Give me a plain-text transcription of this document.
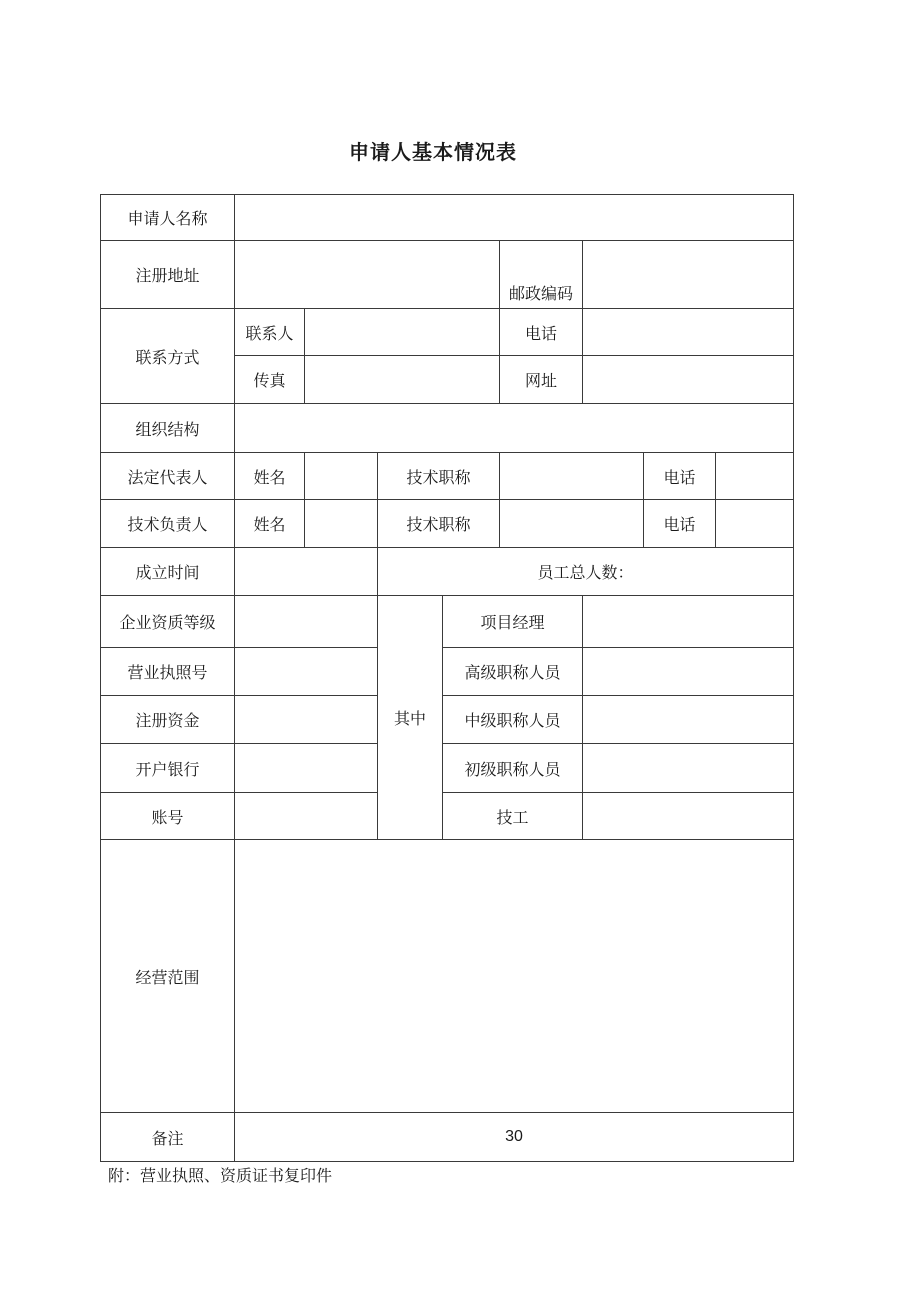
申请人基本情况表
申请人名称								
注册地址					邮政编码			
联系方式	联系人				电话			
	传真				网址			
组织结构								
法定代表人	姓名		技术职称				电话	
技术负责人	姓名		技术职称				电话	
成立时间			员工总人数：					
企业资质等级			其中	项目经理				
营业执照号				高级职称人员				
注册资金				中级职称人员				
开户银行				初级职称人员				
账号				技工				
经营范围								
备注	30							
附：营业执照、资质证书复印件
